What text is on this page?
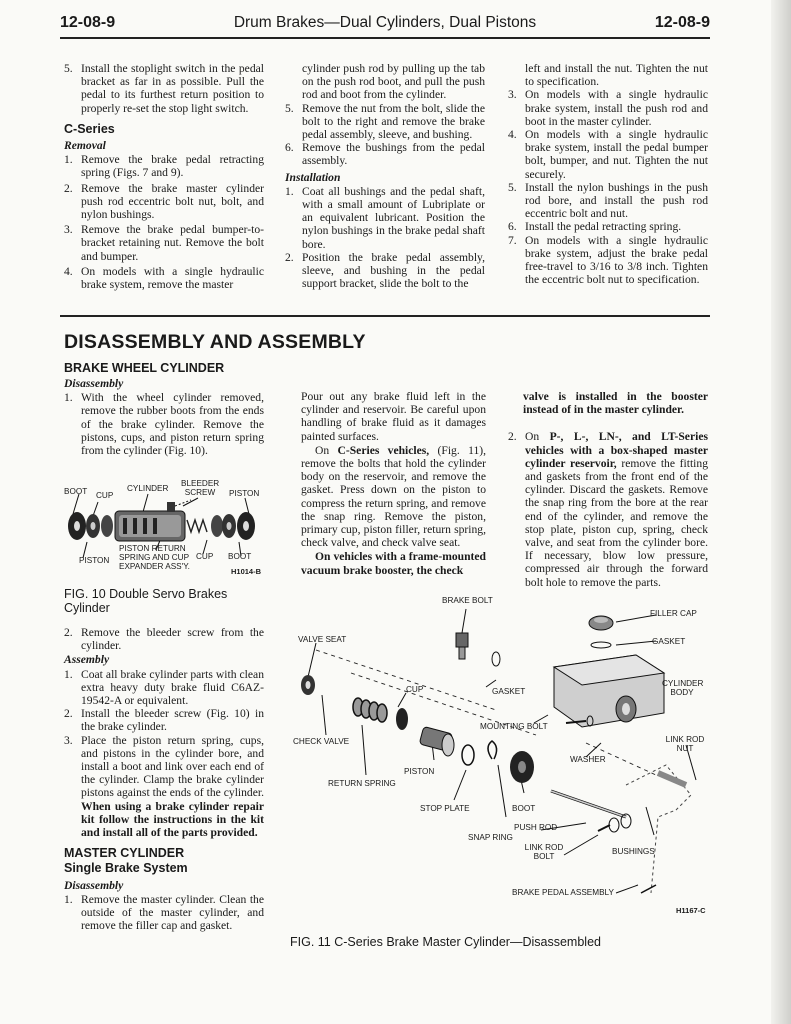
12-08-9	Drum Brakes—Dual Cylinders, Dual Pistons	12-08-9
5. Install the stoplight switch in the pedal bracket as far in as possible. Pull the pedal to its furthest return position to properly re-set the stop light switch.
C-Series
Removal
1. Remove the brake pedal retracting spring (Figs. 7 and 9).
2. Remove the brake master cylinder push rod eccentric bolt nut, bolt, and nylon bushings.
3. Remove the brake pedal bumper-to-bracket retaining nut. Remove the bolt and bumper.
4. On models with a single hydraulic brake system, remove the master
cylinder push rod by pulling up the tab on the push rod boot, and pull the push rod and boot from the cylinder.
5. Remove the nut from the bolt, slide the bolt to the right and remove the brake pedal assembly, sleeve, and bushing.
6. Remove the bushings from the pedal assembly.
Installation
1. Coat all bushings and the pedal shaft, with a small amount of Lubriplate or an equivalent lubricant. Position the nylon bushings in the brake pedal shaft bore.
2. Position the brake pedal assembly, sleeve, and bushing in the pedal support bracket, slide the bolt to the
left and install the nut. Tighten the nut to specification.
3. On models with a single hydraulic brake system, install the push rod and boot in the master cylinder.
4. On models with a single hydraulic brake system, install the pedal bumper bolt, bumper, and nut. Tighten the nut securely.
5. Install the nylon bushings in the push rod bore, and install the push rod eccentric bolt and nut.
6. Install the pedal retracting spring.
7. On models with a single hydraulic brake system, adjust the brake pedal free-travel to 3/16 to 3/8 inch. Tighten the eccentric bolt nut to specification.
DISASSEMBLY AND ASSEMBLY
BRAKE WHEEL CYLINDER
Disassembly
1. With the wheel cylinder removed, remove the rubber boots from the ends of the brake cylinder. Remove the pistons, cups, and piston return spring from the cylinder (Fig. 10).
BOOT CUP
CYLINDER
BLEEDER
SCREW	PISTON
PISTON
PISTON RETURN
SPRING AND CUP
EXPANDER ASS'Y.
CUP BOOT
H1014-B
FIG. 10 Double Servo Brakes Cylinder
2. Remove the bleeder screw from the cylinder.
Assembly
1. Coat all brake cylinder parts with clean extra heavy duty brake fluid C6AZ-19542-A or equivalent.
2. Install the bleeder screw (Fig. 10) in the brake cylinder.
3. Place the piston return spring, cups, and pistons in the cylinder bore, and install a boot and link over each end of the cylinder. Clamp the brake cylinder pistons against the ends of the cylinder. When using a brake cylinder repair kit follow the instructions in the kit and install all of the parts provided.
MASTER CYLINDER
Single Brake System
Disassembly
1. Remove the master cylinder. Clean the outside of the master cylinder, and remove the filler cap and gasket.

Pour out any brake fluid left in the cylinder and reservoir. Be careful upon handling of brake fluid as it damages painted surfaces.

On C-Series vehicles, (Fig. 11), remove the bolts that hold the cylinder body on the reservoir, and remove the gasket. Press down on the piston to compress the return spring, and remove the snap ring. Remove the piston, primary cup, piston filler, return spring, check valve, and check valve seat.

On vehicles with a frame-mounted vacuum brake booster, the check

valve is installed in the booster instead of in the master cylinder.

2. On P-, L-, LN-, and LT-Series vehicles with a box-shaped master cylinder reservoir, remove the fitting and gaskets from the front end of the cylinder. Discard the gaskets. Remove the snap ring from the bore at the rear end of the cylinder, and remove the stop plate, piston cup, spring, check valve, and seat from the cylinder bore. If necessary, blow low pressure, compressed air through the forward bolt hole to remove the parts.
BRAKE BOLT
FILLER CAP
GASKET
VALVE SEAT
CUP	GASKET
CYLINDER
BODY
MOUNTING BOLT
CHECK VALVE	LINK ROD
NUT
WASHER
PISTON
RETURN SPRING
STOP PLATE	BOOT
PUSH ROD
SNAP RING
LINK ROD
BOLT
BUSHINGS
BRAKE PEDAL ASSEMBLY
H1167-C
FIG. 11 C-Series Brake Master Cylinder—Disassembled
